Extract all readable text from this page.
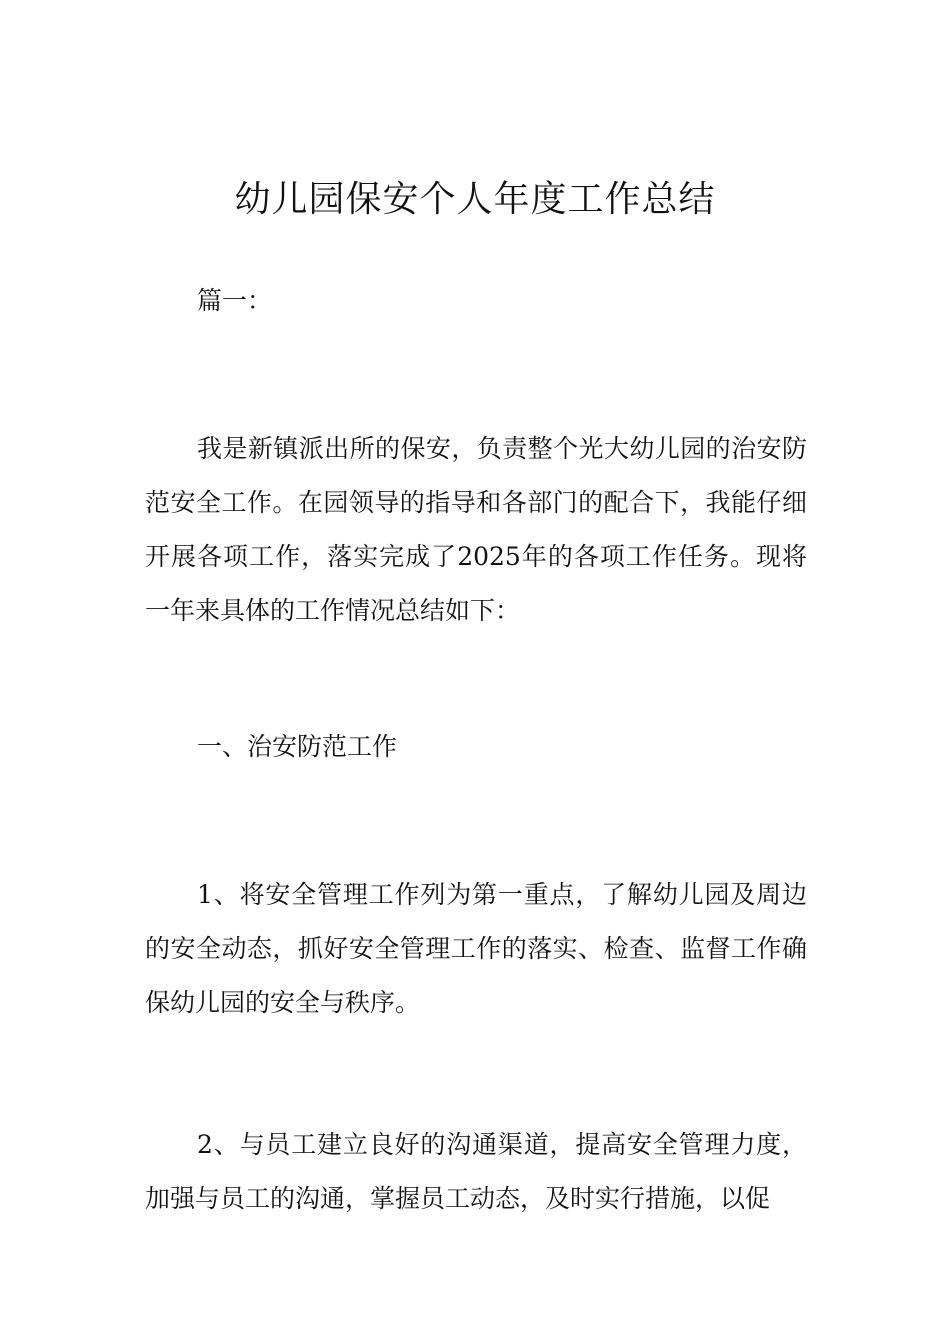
幼儿园保安个人年度工作总结

篇一：

我是新镇派出所的保安，负责整个光大幼儿园的治安防范安全工作。在园领导的指导和各部门的配合下，我能仔细开展各项工作，落实完成了2025年的各项工作任务。现将一年来具体的工作情况总结如下：

一、治安防范工作

1、将安全管理工作列为第一重点，了解幼儿园及周边的安全动态，抓好安全管理工作的落实、检查、监督工作确保幼儿园的安全与秩序。

2、与员工建立良好的沟通渠道，提高安全管理力度，加强与员工的沟通，掌握员工动态，及时实行措施，以促
